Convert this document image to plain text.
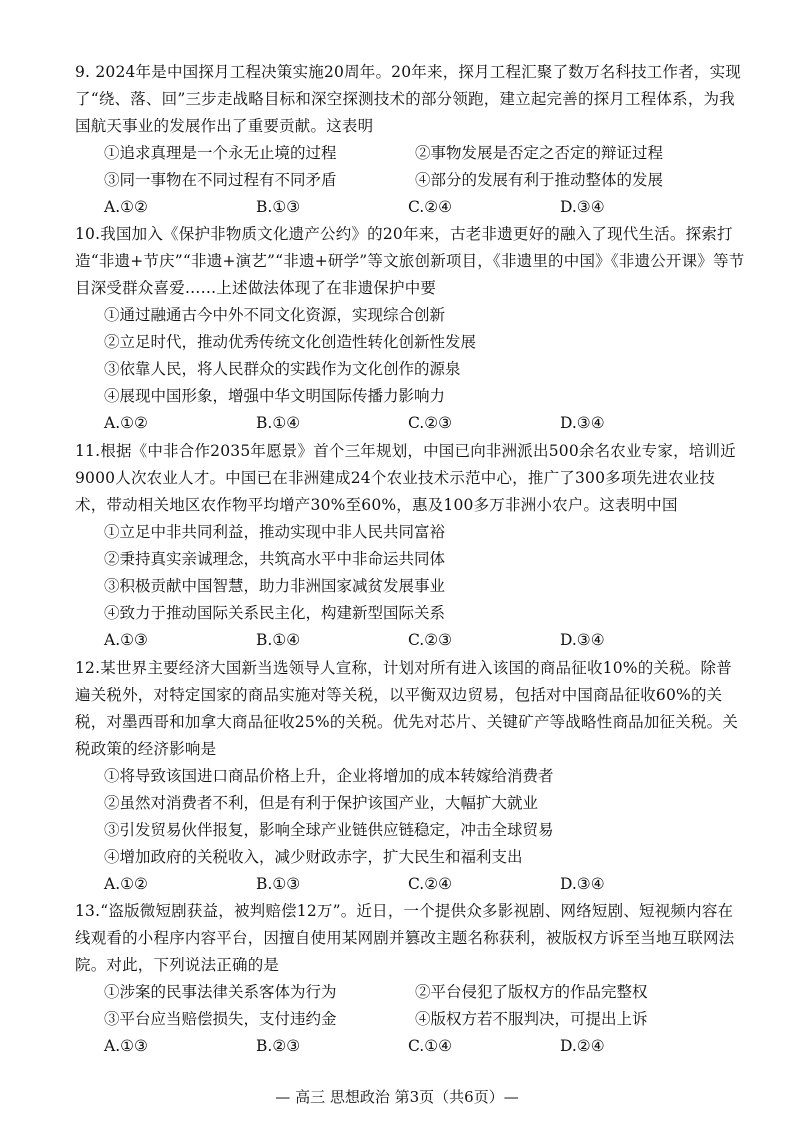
9. 2024年是中国探月工程决策实施20周年。20年来，探月工程汇聚了数万名科技工作者，实现了“绕、落、回”三步走战略目标和深空探测技术的部分领跑，建立起完善的探月工程体系，为我国航天事业的发展作出了重要贡献。这表明
①追求真理是一个永无止境的过程	②事物发展是否定之否定的辩证过程
③同一事物在不同过程有不同矛盾	④部分的发展有利于推动整体的发展
A.①②	B.①③	C.②④	D.③④
10.我国加入《保护非物质文化遗产公约》的20年来，古老非遗更好的融入了现代生活。探索打造“非遗+节庆”“非遗+演艺”“非遗+研学”等文旅创新项目，《非遗里的中国》《非遗公开课》等节目深受群众喜爱……上述做法体现了在非遗保护中要
①通过融通古今中外不同文化资源，实现综合创新
②立足时代，推动优秀传统文化创造性转化创新性发展
③依靠人民，将人民群众的实践作为文化创作的源泉
④展现中国形象，增强中华文明国际传播力影响力
A.①②	B.①④	C.②③	D.③④
11.根据《中非合作2035年愿景》首个三年规划，中国已向非洲派出500余名农业专家，培训近9000人次农业人才。中国已在非洲建成24个农业技术示范中心，推广了300多项先进农业技术，带动相关地区农作物平均增产30%至60%，惠及100多万非洲小农户。这表明中国
①立足中非共同利益，推动实现中非人民共同富裕
②秉持真实亲诚理念，共筑高水平中非命运共同体
③积极贡献中国智慧，助力非洲国家减贫发展事业
④致力于推动国际关系民主化，构建新型国际关系
A.①③	B.①④	C.②③	D.③④
12.某世界主要经济大国新当选领导人宣称，计划对所有进入该国的商品征收10%的关税。除普遍关税外，对特定国家的商品实施对等关税，以平衡双边贸易，包括对中国商品征收60%的关税，对墨西哥和加拿大商品征收25%的关税。优先对芯片、关键矿产等战略性商品加征关税。关税政策的经济影响是
①将导致该国进口商品价格上升，企业将增加的成本转嫁给消费者
②虽然对消费者不利，但是有利于保护该国产业，大幅扩大就业
③引发贸易伙伴报复，影响全球产业链供应链稳定，冲击全球贸易
④增加政府的关税收入，减少财政赤字，扩大民生和福利支出
A.①②	B.①③	C.②④	D.③④
13.“盗版微短剧获益，被判赔偿12万”。近日，一个提供众多影视剧、网络短剧、短视频内容在线观看的小程序内容平台，因擅自使用某网剧并篡改主题名称获利，被版权方诉至当地互联网法院。对此，下列说法正确的是
①涉案的民事法律关系客体为行为	②平台侵犯了版权方的作品完整权
③平台应当赔偿损失，支付违约金	④版权方若不服判决，可提出上诉
A.①③	B.②③	C.①④	D.②④
— 高三 思想政治 第3页（共6页）—
